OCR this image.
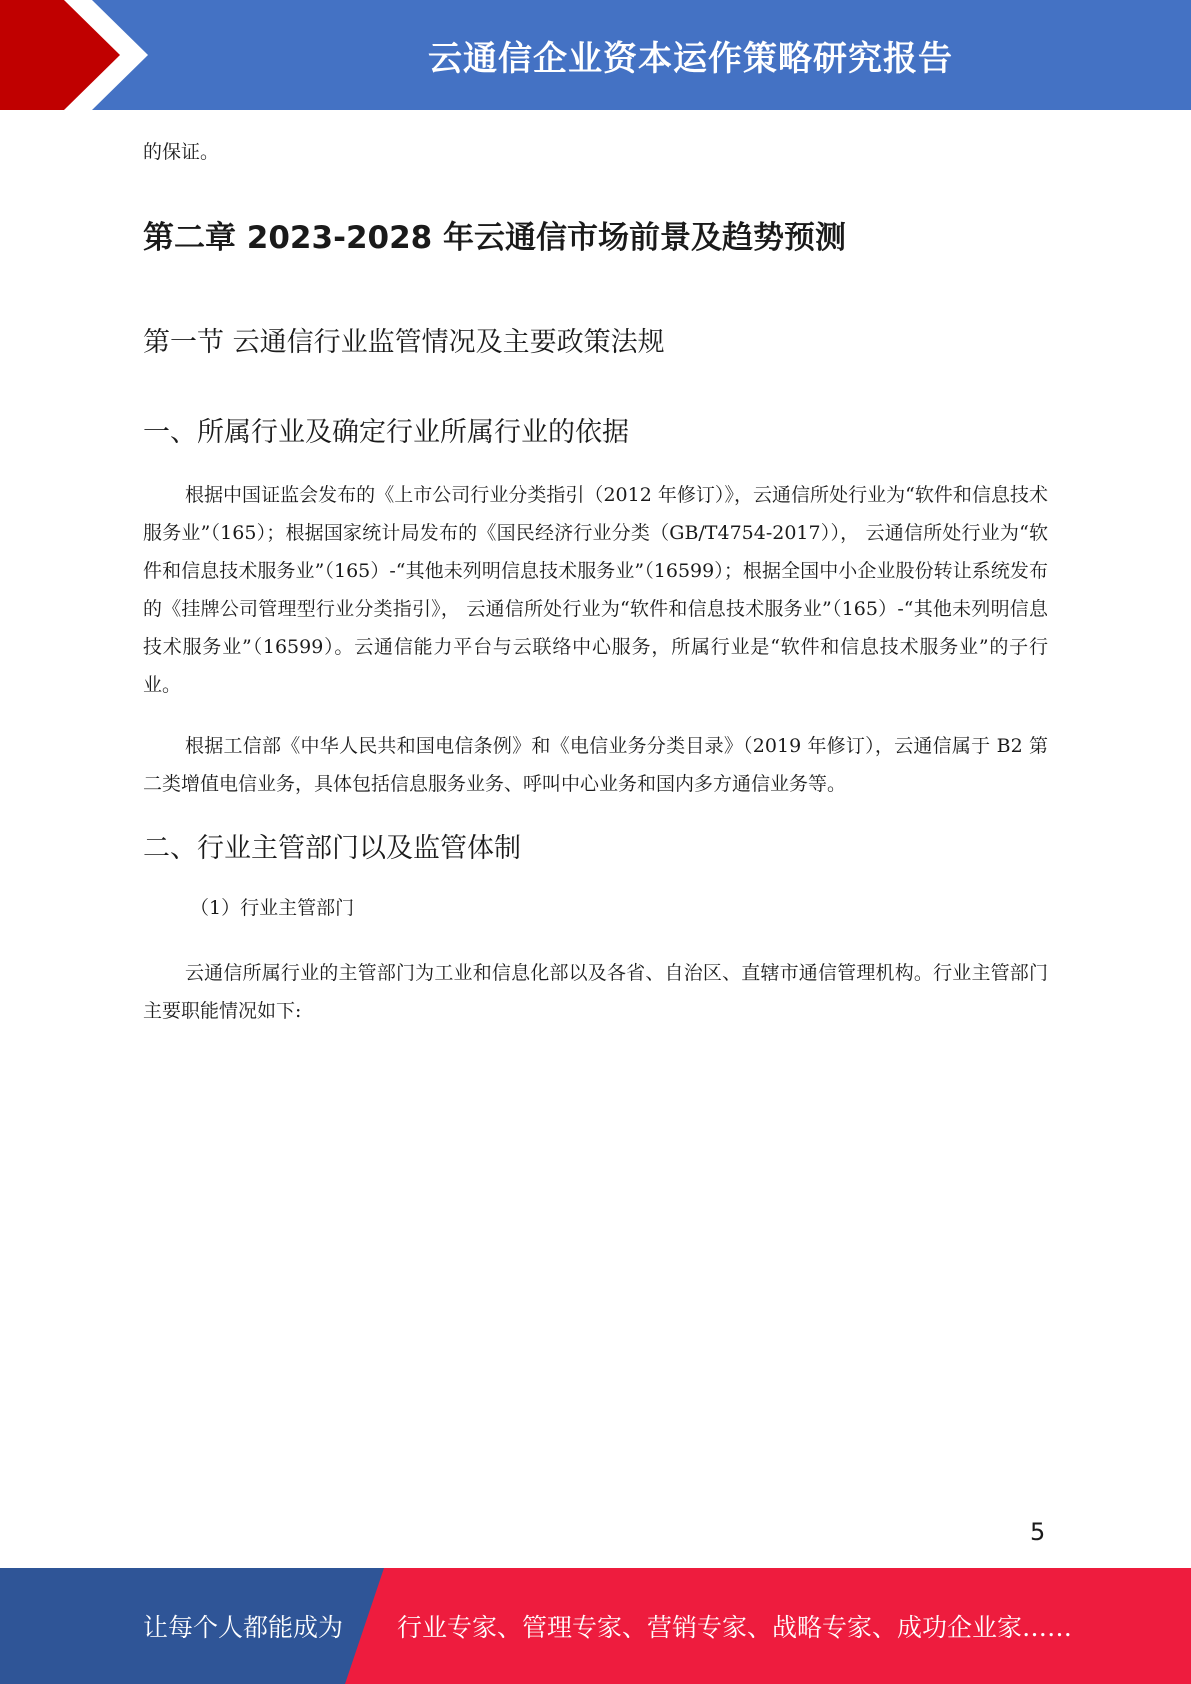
云通信企业资本运作策略研究报告
的保证。
第二章 2023-2028 年云通信市场前景及趋势预测
第一节 云通信行业监管情况及主要政策法规
一、所属行业及确定行业所属行业的依据

根据中国证监会发布的《上市公司行业分类指引（2012 年修订）》，云通信所处行业为“软件和信息技术服务业”（165）；根据国家统计局发布的《国民经济行业分类（GB/T4754-2017））， 云通信所处行业为“软件和信息技术服务业”（165）-“其他未列明信息技术服务业”（16599）；根据全国中小企业股份转让系统发布的《挂牌公司管理型行业分类指引》， 云通信所处行业为“软件和信息技术服务业”（165）-“其他未列明信息技术服务业”（16599）。云通信能力平台与云联络中心服务，所属行业是“软件和信息技术服务业”的子行业。

根据工信部《中华人民共和国电信条例》和《电信业务分类目录》（2019 年修订），云通信属于 B2 第二类增值电信业务，具体包括信息服务业务、呼叫中心业务和国内多方通信业务等。

二、行业主管部门以及监管体制
（1）行业主管部门

云通信所属行业的主管部门为工业和信息化部以及各省、自治区、直辖市通信管理机构。行业主管部门主要职能情况如下:

5
让每个人都能成为 行业专家、管理专家、营销专家、战略专家、成功企业家……
